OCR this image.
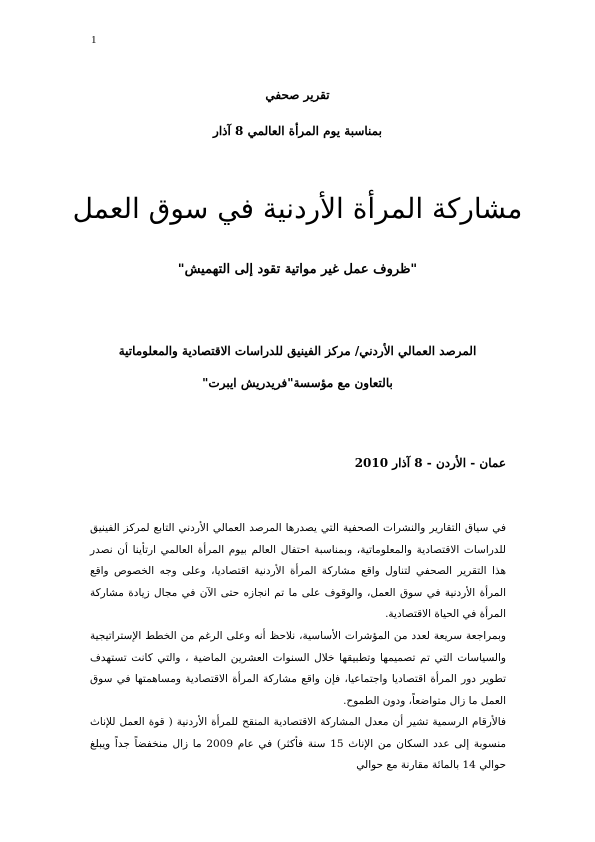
1
تقرير صحفي
بمناسبة يوم المرأة العالمي 8 آذار
مشاركة المرأة الأردنية في سوق العمل
"ظروف عمل غير مواتية تقود إلى التهميش"
المرصد العمالي الأردني/ مركز الفينيق للدراسات الاقتصادية والمعلوماتية
بالتعاون مع مؤسسة"فريدريش ايبرت"
عمان - الأردن - 8 آذار 2010
في سياق التقارير والنشرات الصحفية التي يصدرها المرصد العمالي الأردني التابع لمركز الفينيق للدراسات الاقتصادية والمعلوماتية، وبمناسبة احتفال العالم بيوم المرأة العالمي ارتأينا أن نصدر هذا التقرير الصحفي لتناول واقع مشاركة المرأة الأردنية اقتصاديا، وعلى وجه الخصوص واقع المرأة الأردنية في سوق العمل، والوقوف على ما تم انجازه حتى الآن في مجال زيادة مشاركة المرأة في الحياة الاقتصادية.
وبمراجعة سريعة لعدد من المؤشرات الأساسية، نلاحظ أنه وعلى الرغم من الخطط الإستراتيجية والسياسات التي تم تصميمها وتطبيقها خلال السنوات العشرين الماضية ، والتي كانت تستهدف تطوير دور المرأة اقتصاديا واجتماعيا، فإن واقع مشاركة المرأة الاقتصادية ومساهمتها في سوق العمل ما زال متواضعاً، ودون الطموح.
فالأرقام الرسمية تشير أن معدل المشاركة الاقتصادية المنقح للمرأة الأردنية ( قوة العمل للإناث منسوبة إلى عدد السكان من الإناث 15 سنة فأكثر) في عام 2009 ما زال منخفضاً جداً ويبلغ حوالي 14 بالمائة مقارنة مع حوالي
